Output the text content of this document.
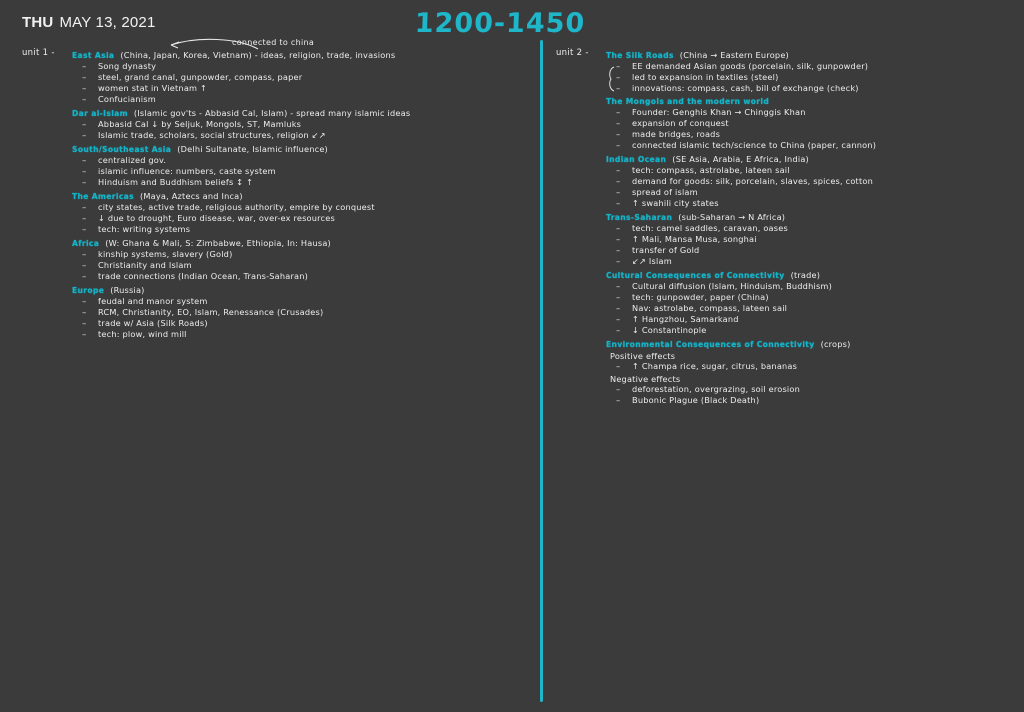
THU MAY 13, 2021	1200-1450
connected to china
unit 1 -	East Asia (China, Japan, Korea, Vietnam) - ideas, religion, trade, invasions
–	Song dynasty
–	steel, grand canal, gunpowder, compass, paper
–	women stat in Vietnam ↑
–	Confucianism
Dar al-Islam (Islamic gov'ts - Abbasid Cal, Islam) - spread many islamic ideas
–	Abbasid Cal ↓ by Seljuk, Mongols, ST, Mamluks
–	Islamic trade, scholars, social structures, religion ↙↗
South/Southeast Asia (Delhi Sultanate, Islamic influence)
–	centralized gov.
–	islamic influence: numbers, caste system
–	Hinduism and Buddhism beliefs ↕ ↑
The Americas (Maya, Aztecs and Inca)
–	city states, active trade, religious authority, empire by conquest
–	↓ due to drought, Euro disease, war, over-ex resources
–	tech: writing systems
Africa (W: Ghana & Mali, S: Zimbabwe, Ethiopia, In: Hausa)
–	kinship systems, slavery (Gold)
–	Christianity and Islam
–	trade connections (Indian Ocean, Trans-Saharan)
Europe (Russia)
–	feudal and manor system
–	RCM, Christianity, EO, Islam, Renessance (Crusades)
–	trade w/ Asia (Silk Roads)
–	tech: plow, wind mill
unit 2 -	The Silk Roads (China → Eastern Europe)
–	EE demanded Asian goods (porcelain, silk, gunpowder)
–	led to expansion in textiles (steel)
–	innovations: compass, cash, bill of exchange (check)
The Mongols and the modern world
–	Founder: Genghis Khan → Chinggis Khan
–	expansion of conquest
–	made bridges, roads
–	connected islamic tech/science to China (paper, cannon)
Indian Ocean (SE Asia, Arabia, E Africa, India)
–	tech: compass, astrolabe, lateen sail
–	demand for goods: silk, porcelain, slaves, spices, cotton
–	spread of islam
–	↑ swahili city states
Trans-Saharan (sub-Saharan → N Africa)
–	tech: camel saddles, caravan, oases
–	↑ Mali, Mansa Musa, songhai
–	transfer of Gold
–	↙↗ Islam
Cultural Consequences of Connectivity (trade)
–	Cultural diffusion (Islam, Hinduism, Buddhism)
–	tech: gunpowder, paper (China)
–	Nav: astrolabe, compass, lateen sail
–	↑ Hangzhou, Samarkand
–	↓ Constantinople
Environmental Consequences of Connectivity (crops)
Positive effects
–	↑ Champa rice, sugar, citrus, bananas
Negative effects
–	deforestation, overgrazing, soil erosion
–	Bubonic Plague (Black Death)
